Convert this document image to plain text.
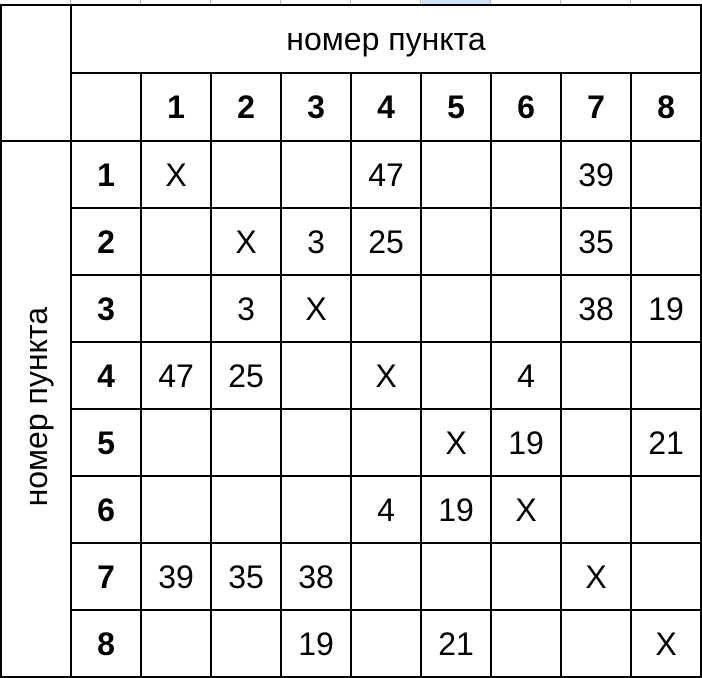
	номер пункта								
		1	2	3	4	5	6	7	8
номер пункта	1	X			47			39	
	2		X	3	25			35	
	3		3	X				38	19
	4	47	25		X		4		
	5					X	19		21
	6				4	19	X		
	7	39	35	38				X	
	8			19		21			X
